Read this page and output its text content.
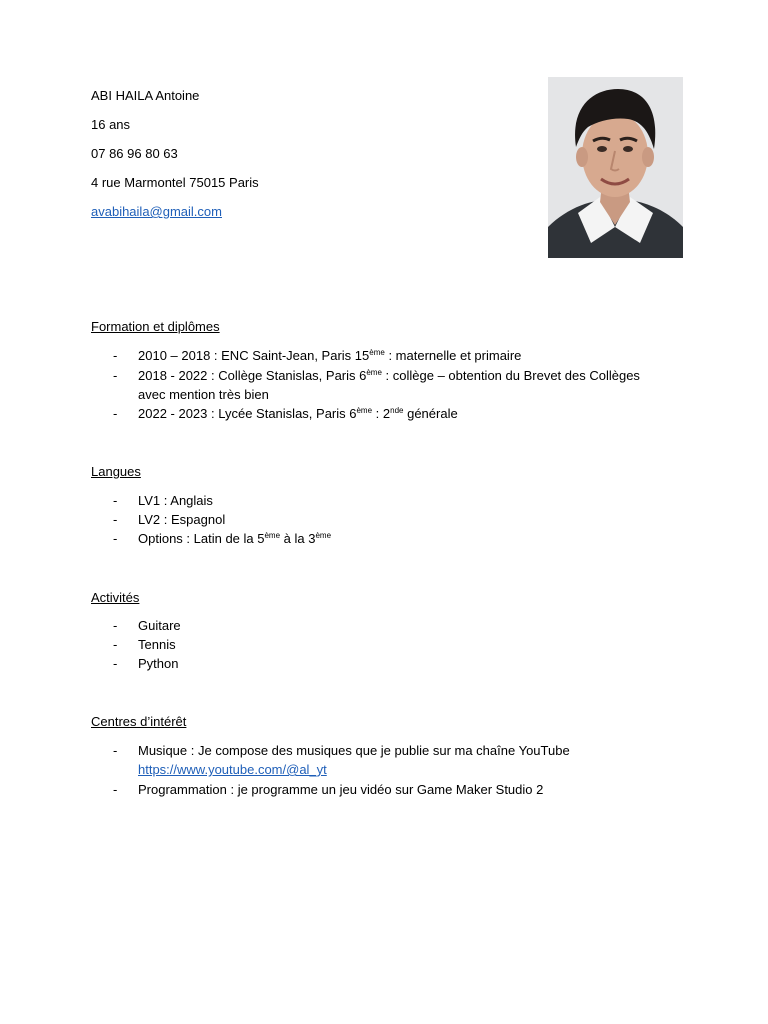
ABI HAILA Antoine
16 ans
07 86 96 80 63
4 rue Marmontel 75015 Paris
avabihaila@gmail.com
Formation et diplômes
-	2010 – 2018 : ENC Saint-Jean, Paris 15ème : maternelle et primaire
-	2018 - 2022 : Collège Stanislas, Paris 6ème : collège – obtention du Brevet des Collèges
avec mention très bien
-	2022 - 2023 : Lycée Stanislas, Paris 6ème : 2nde générale
Langues
-	LV1 : Anglais
-	LV2 : Espagnol
-	Options : Latin de la 5ème à la 3ème
Activités
-	Guitare
-	Tennis
-	Python
Centres d’intérêt
-	Musique : Je compose des musiques que je publie sur ma chaîne YouTube
https://www.youtube.com/@al_yt
-	Programmation : je programme un jeu vidéo sur Game Maker Studio 2
